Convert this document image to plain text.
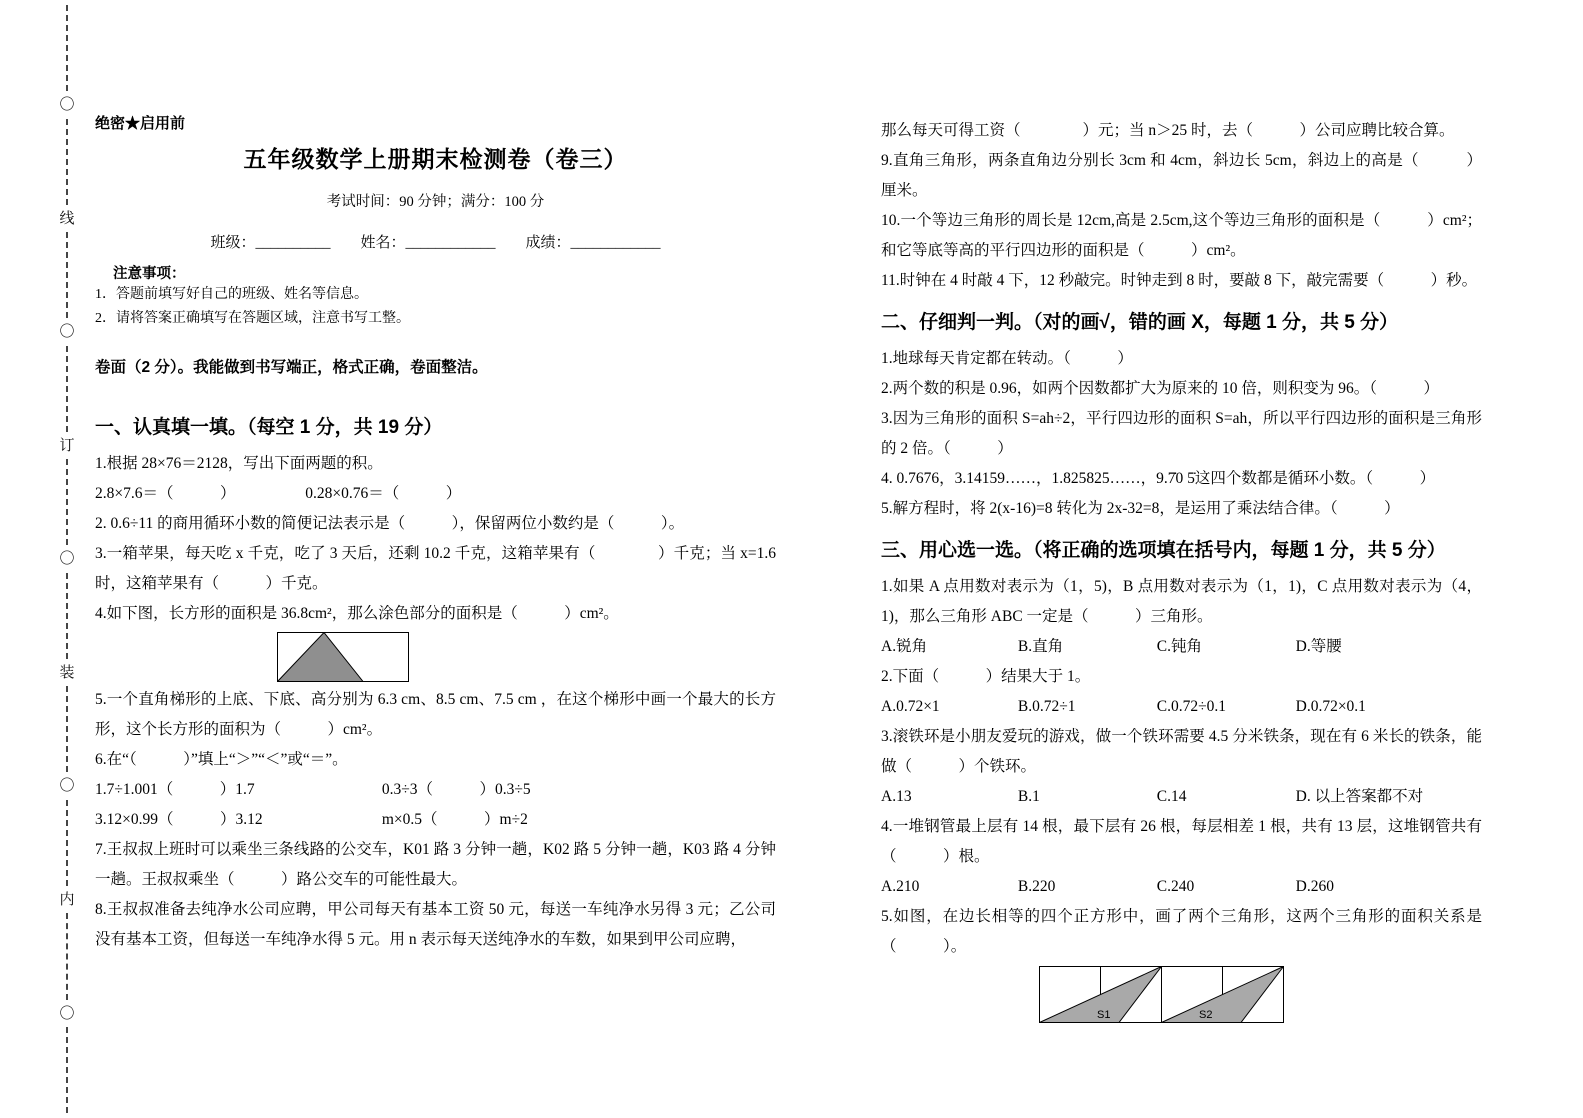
〇
线
〇
订
〇
装
〇
内
〇
绝密★启用前
五年级数学上册期末检测卷（卷三）
考试时间：90 分钟；满分：100 分
班级：__________　　姓名：____________　　成绩：____________
注意事项：

1．答题前填写好自己的班级、姓名等信息。

2．请将答案正确填写在答题区域，注意书写工整。

卷面（2 分）。我能做到书写端正，格式正确，卷面整洁。

一、认真填一填。（每空 1 分，共 19 分）

1.根据 28×76＝2128，写出下面两题的积。

2.8×7.6＝（　　　）　　　　　0.28×0.76＝（　　　）

2. 0.6÷11 的商用循环小数的简便记法表示是（　　　），保留两位小数约是（　　　）。

3.一箱苹果，每天吃 x 千克，吃了 3 天后，还剩 10.2 千克，这箱苹果有（　　　　）千克；当 x=1.6 时，这箱苹果有（　　　）千克。

4.如下图，长方形的面积是 36.8cm²，那么涂色部分的面积是（　　　）cm²。

5.一个直角梯形的上底、下底、高分别为 6.3 cm、8.5 cm、7.5 cm ，在这个梯形中画一个最大的长方形，这个长方形的面积为（　　　）cm²。

6.在“（　　　）”填上“＞”“＜”或“＝”。

1.7÷1.001（　　　）1.7	0.3÷3（　　　）0.3÷5

3.12×0.99（　　　）3.12	m×0.5（　　　）m÷2

7.王叔叔上班时可以乘坐三条线路的公交车，K01 路 3 分钟一趟，K02 路 5 分钟一趟，K03 路 4 分钟一趟。王叔叔乘坐（　　　）路公交车的可能性最大。

8.王叔叔准备去纯净水公司应聘，甲公司每天有基本工资 50 元，每送一车纯净水另得 3 元；乙公司没有基本工资，但每送一车纯净水得 5 元。用 n 表示每天送纯净水的车数，如果到甲公司应聘，

那么每天可得工资（　　　　）元；当 n＞25 时，去（　　　）公司应聘比较合算。

9.直角三角形，两条直角边分别长 3cm 和 4cm，斜边长 5cm，斜边上的高是（　　　）厘米。

10.一个等边三角形的周长是 12cm,高是 2.5cm,这个等边三角形的面积是（　　　）cm²；和它等底等高的平行四边形的面积是（　　　）cm²。

11.时钟在 4 时敲 4 下，12 秒敲完。时钟走到 8 时，要敲 8 下，敲完需要（　　　）秒。

二、仔细判一判。（对的画√，错的画 X，每题 1 分，共 5 分）

1.地球每天肯定都在转动。（　　　）

2.两个数的积是 0.96，如两个因数都扩大为原来的 10 倍，则积变为 96。（　　　）

3.因为三角形的面积 S=ah÷2，平行四边形的面积 S=ah，所以平行四边形的面积是三角形的 2 倍。（　　　）

4. 0.7676，3.14159……，1.825825……，9.7̇0 5̇这四个数都是循环小数。（　　　）

5.解方程时，将 2(x-16)=8 转化为 2x-32=8，是运用了乘法结合律。（　　　）

三、用心选一选。（将正确的选项填在括号内，每题 1 分，共 5 分）

1.如果 A 点用数对表示为（1，5)，B 点用数对表示为（1，1)，C 点用数对表示为（4，1)，那么三角形 ABC 一定是（　　　）三角形。

A.锐角	B.直角	C.钝角	D.等腰

2.下面（　　　）结果大于 1。

A.0.72×1	B.0.72÷1	C.0.72÷0.1	D.0.72×0.1

3.滚铁环是小朋友爱玩的游戏，做一个铁环需要 4.5 分米铁条，现在有 6 米长的铁条，能做（　　　）个铁环。

A.13	B.1	C.14	D. 以上答案都不对

4.一堆钢管最上层有 14 根，最下层有 26 根，每层相差 1 根，共有 13 层，这堆钢管共有（　　　）根。

A.210	B.220	C.240	D.260

5.如图，在边长相等的四个正方形中，画了两个三角形，这两个三角形的面积关系是（　　　）。

S1	S2
